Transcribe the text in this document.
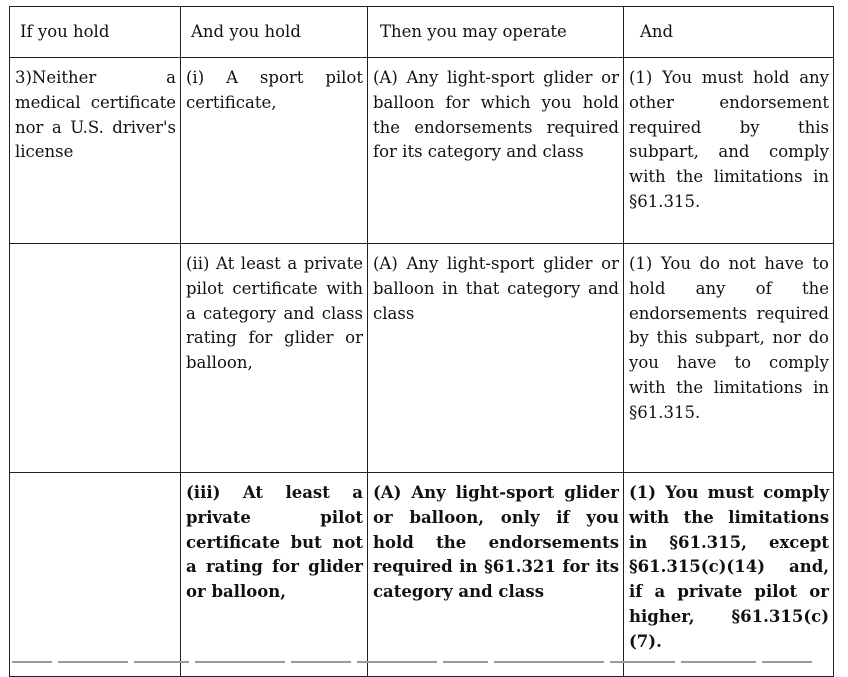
If you hold	And you hold	Then you may operate	And

3)Neither a medical certificate nor a U.S. driver's license	(i) A sport pilot certificate,	(A) Any light-sport glider or balloon for which you hold the endorsements required for its category and class	(1) You must hold any other endorsement required by this subpart, and comply with the limitations in §61.315.

	(ii) At least a private pilot certificate with a category and class rating for glider or balloon,	(A) Any light-sport glider or balloon in that category and class	(1) You do not have to hold any of the endorsements required by this subpart, nor do you have to comply with the limitations in §61.315.

	(iii) At least a private pilot certificate but not a rating for glider or balloon,	(A) Any light-sport glider or balloon, only if you hold the endorsements required in §61.321 for its category and class	(1) You must comply with the limitations in §61.315, except §61.315(c)(14) and, if a private pilot or higher, §61.315(c)(7).
